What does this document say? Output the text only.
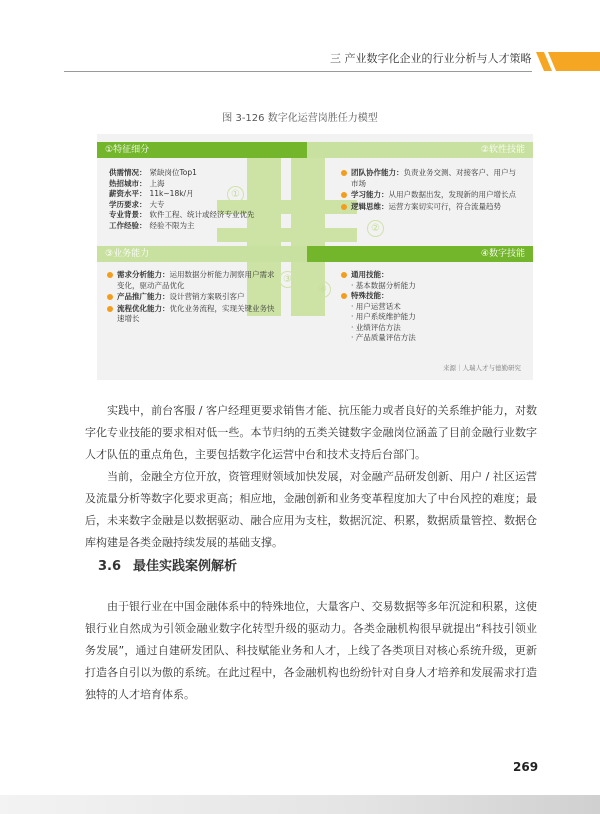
三 产业数字化企业的行业分析与人才策略
图 3-126 数字化运营岗胜任力模型
①特征细分	②软性技能
③业务能力	④数字技能
供需情况： 紧缺岗位Top1
热招城市： 上海
薪资水平： 11k~18k/月
学历要求： 大专
专业背景： 软件工程、统计或经济专业优先
工作经验： 经验不限为主
团队协作能力：负责业务交测、对接客户、用户与市场
学习能力：从用户数据出发，发现新的用户增长点
逻辑思维：运营方案切实可行，符合流量趋势
需求分析能力：运用数据分析能力洞察用户需求变化，驱动产品优化
产品推广能力：设计营销方案吸引客户
流程优化能力：优化业务流程，实现关键业务快速增长
通用技能：
· 基本数据分析能力
特殊技能：
· 用户运营话术
· 用户系统维护能力
· 业绩评估方法
· 产品质量评估方法
①
②
③
④
来源｜人瑞人才与德勤研究
实践中，前台客服 / 客户经理更要求销售才能、抗压能力或者良好的关系维护能力，对数字化专业技能的要求相对低一些。本节归纳的五类关键数字金融岗位涵盖了目前金融行业数字人才队伍的重点角色，主要包括数字化运营中台和技术支持后台部门。
当前，金融全方位开放，资管理财领域加快发展，对金融产品研发创新、用户 / 社区运营及流量分析等数字化要求更高；相应地，金融创新和业务变革程度加大了中台风控的难度；最后，未来数字金融是以数据驱动、融合应用为支柱，数据沉淀、积累，数据质量管控、数据仓库构建是各类金融持续发展的基础支撑。
3.6 最佳实践案例解析
由于银行业在中国金融体系中的特殊地位，大量客户、交易数据等多年沉淀和积累，这使银行业自然成为引领金融业数字化转型升级的驱动力。各类金融机构很早就提出“科技引领业务发展”，通过自建研发团队、科技赋能业务和人才，上线了各类项目对核心系统升级，更新打造各自引以为傲的系统。在此过程中，各金融机构也纷纷针对自身人才培养和发展需求打造独特的人才培育体系。
269
